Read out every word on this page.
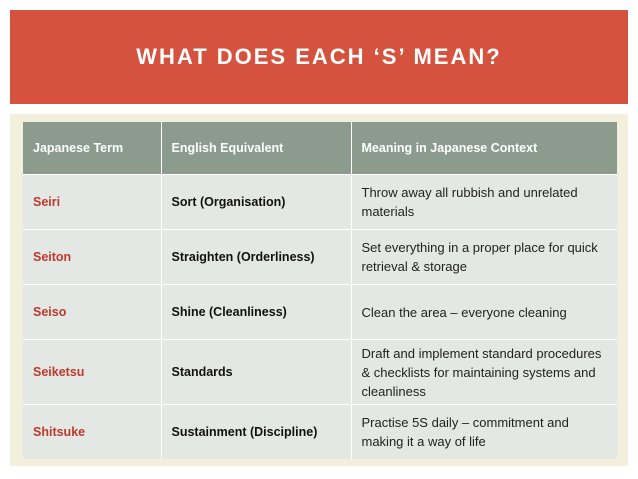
WHAT DOES EACH ‘S’ MEAN?
Japanese Term	English Equivalent	Meaning in Japanese Context
Seiri	Sort (Organisation)	Throw away all rubbish and unrelated materials
Seiton	Straighten (Orderliness)	Set everything in a proper place for quick retrieval & storage
Seiso	Shine (Cleanliness)	Clean the area – everyone cleaning
Seiketsu	Standards	Draft and implement standard procedures & checklists for maintaining systems and cleanliness
Shitsuke	Sustainment (Discipline)	Practise 5S daily – commitment and making it a way of life
